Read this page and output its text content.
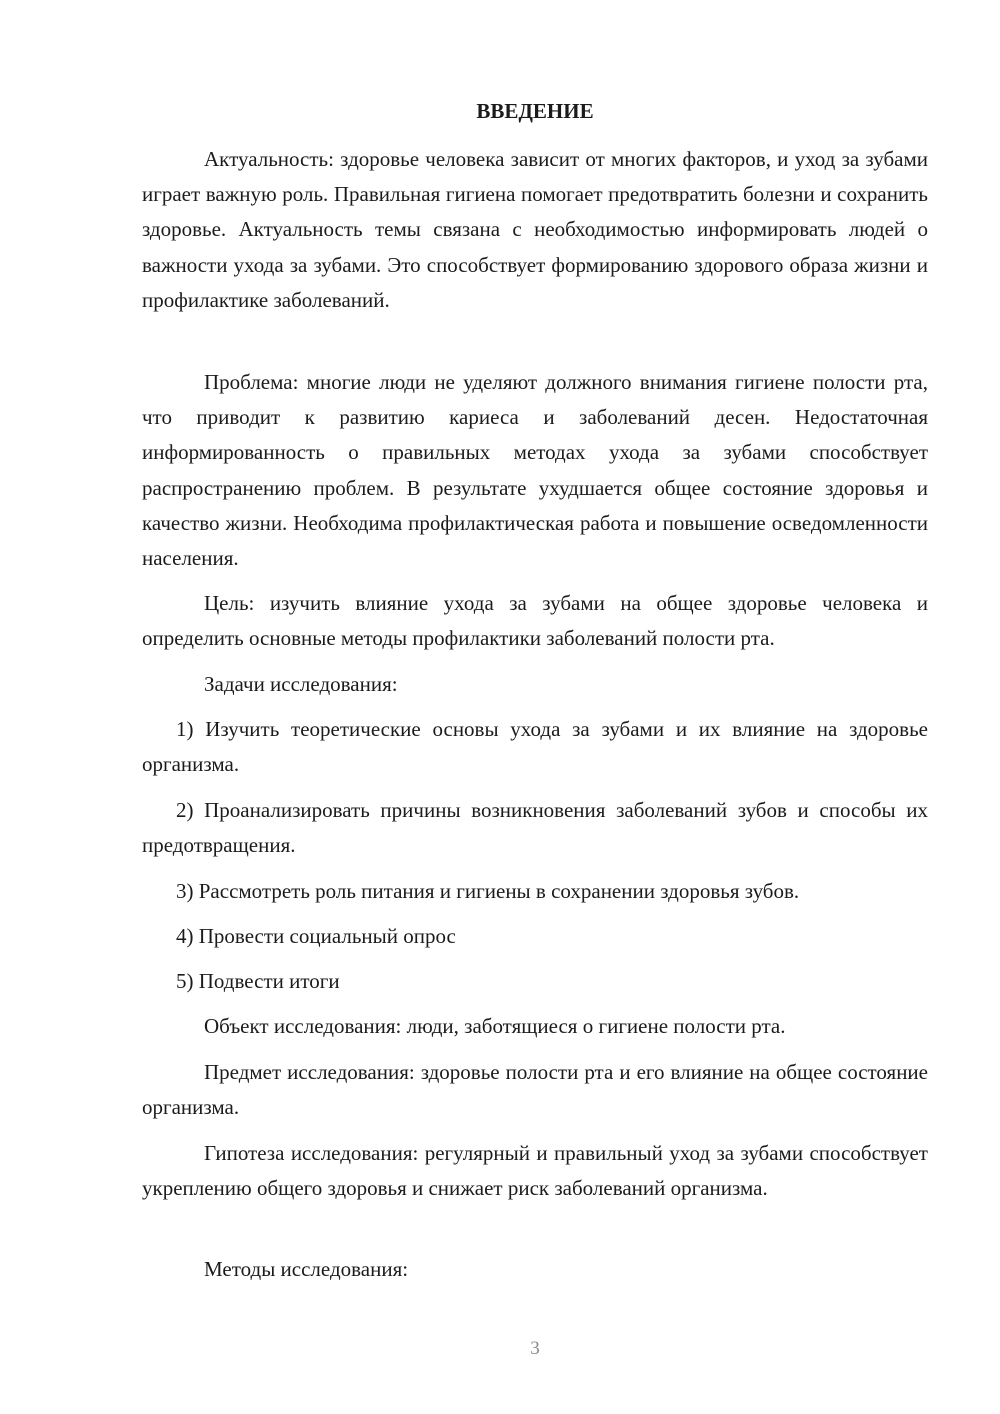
ВВЕДЕНИЕ

Актуальность: здоровье человека зависит от многих факторов, и уход за зубами играет важную роль. Правильная гигиена помогает предотвратить болезни и сохранить здоровье. Актуальность темы связана с необходимостью информировать людей о важности ухода за зубами. Это способствует формированию здорового образа жизни и профилактике заболеваний.

Проблема: многие люди не уделяют должного внимания гигиене полости рта, что приводит к развитию кариеса и заболеваний десен. Недостаточная информированность о правильных методах ухода за зубами способствует распространению проблем. В результате ухудшается общее состояние здоровья и качество жизни. Необходима профилактическая работа и повышение осведомленности населения.

Цель: изучить влияние ухода за зубами на общее здоровье человека и определить основные методы профилактики заболеваний полости рта.

Задачи исследования:

1) Изучить теоретические основы ухода за зубами и их влияние на здоровье организма.

2) Проанализировать причины возникновения заболеваний зубов и способы их предотвращения.

3) Рассмотреть роль питания и гигиены в сохранении здоровья зубов.

4) Провести социальный опрос

5) Подвести итоги

Объект исследования: люди, заботящиеся о гигиене полости рта.

Предмет исследования: здоровье полости рта и его влияние на общее состояние организма.

Гипотеза исследования: регулярный и правильный уход за зубами способствует укреплению общего здоровья и снижает риск заболеваний организма.

Методы исследования:

3
